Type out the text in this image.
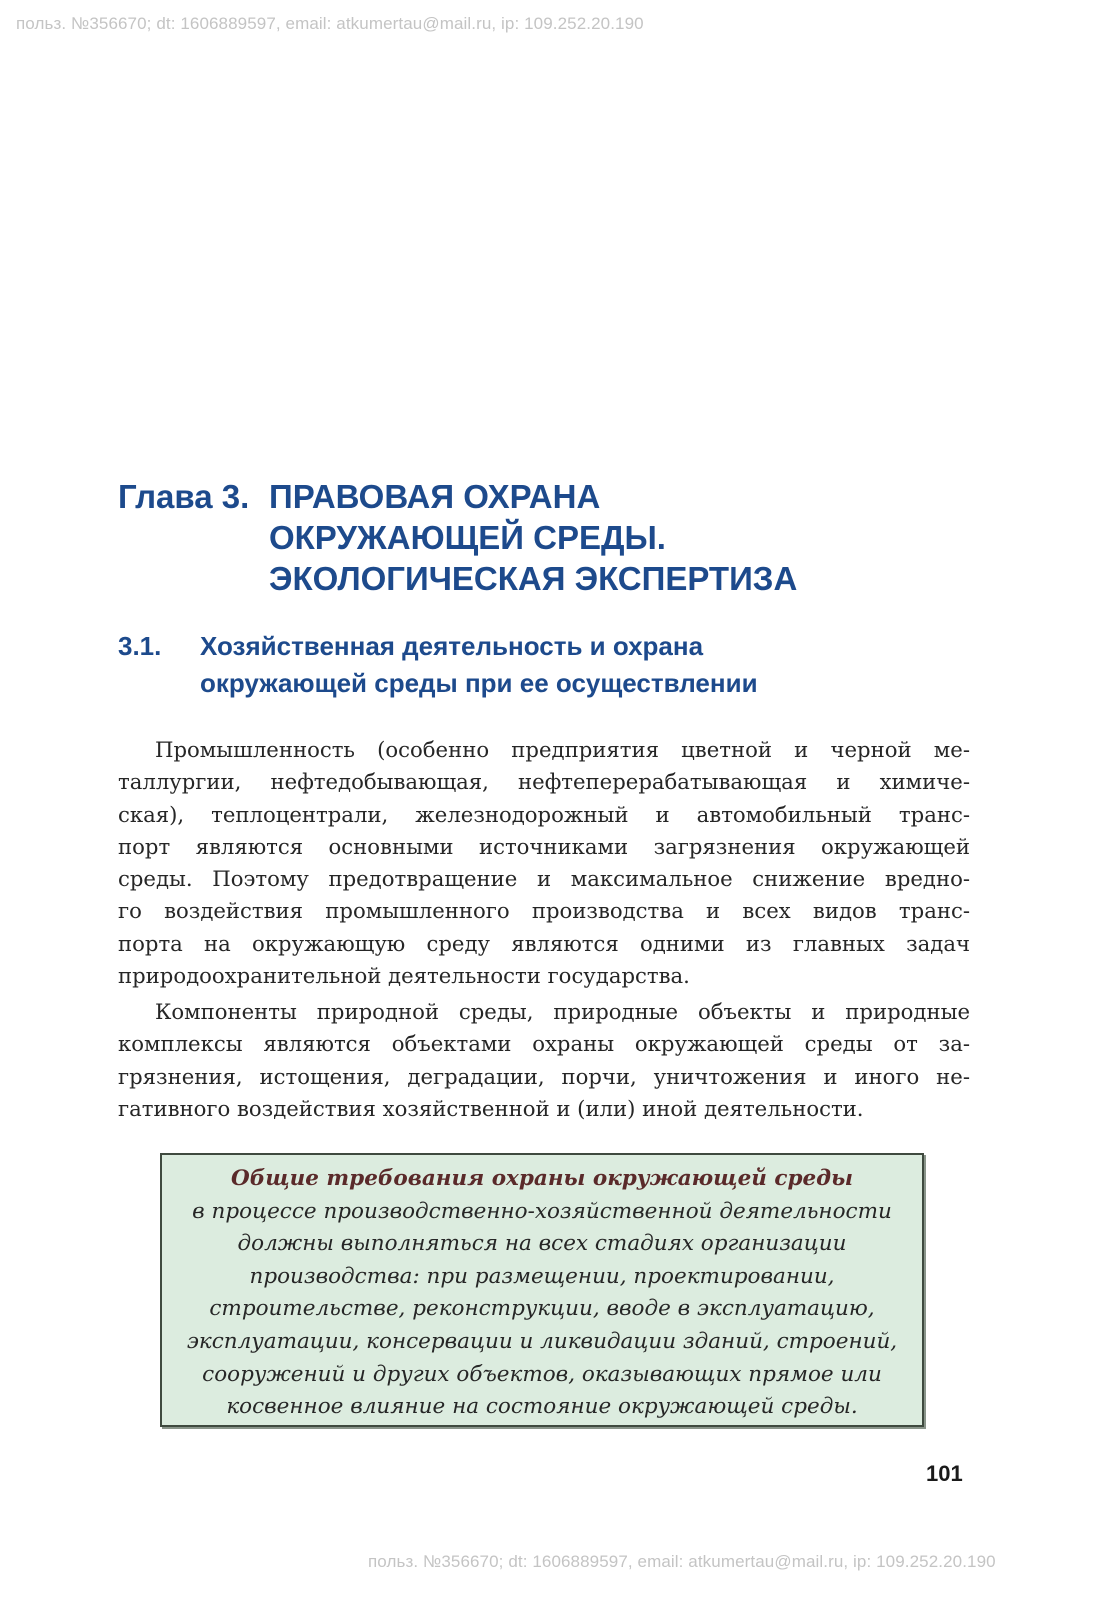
польз. №356670; dt: 1606889597, email: atkumertau@mail.ru, ip: 109.252.20.190
Глава 3. ПРАВОВАЯ ОХРАНА
ОКРУЖАЮЩЕЙ СРЕДЫ.
ЭКОЛОГИЧЕСКАЯ ЭКСПЕРТИЗА
3.1.	Хозяйственная деятельность и охрана
окружающей среды при ее осуществлении
Промышленность (особенно предприятия цветной и черной ме-
таллургии, нефтедобывающая, нефтеперерабатывающая и химиче-
ская), теплоцентрали, железнодорожный и автомобильный транс-
порт являются основными источниками загрязнения окружающей
среды. Поэтому предотвращение и максимальное снижение вредно-
го воздействия промышленного производства и всех видов транс-
порта на окружающую среду являются одними из главных задач
природоохранительной деятельности государства.
Компоненты природной среды, природные объекты и природные
комплексы являются объектами охраны окружающей среды от за-
грязнения, истощения, деградации, порчи, уничтожения и иного не-
гативного воздействия хозяйственной и (или) иной деятельности.
Общие требования охраны окружающей среды
в процессе производственно-хозяйственной деятельности
должны выполняться на всех стадиях организации
производства: при размещении, проектировании,
строительстве, реконструкции, вводе в эксплуатацию,
эксплуатации, консервации и ликвидации зданий, строений,
сооружений и других объектов, оказывающих прямое или
косвенное влияние на состояние окружающей среды.
101
польз. №356670; dt: 1606889597, email: atkumertau@mail.ru, ip: 109.252.20.190
